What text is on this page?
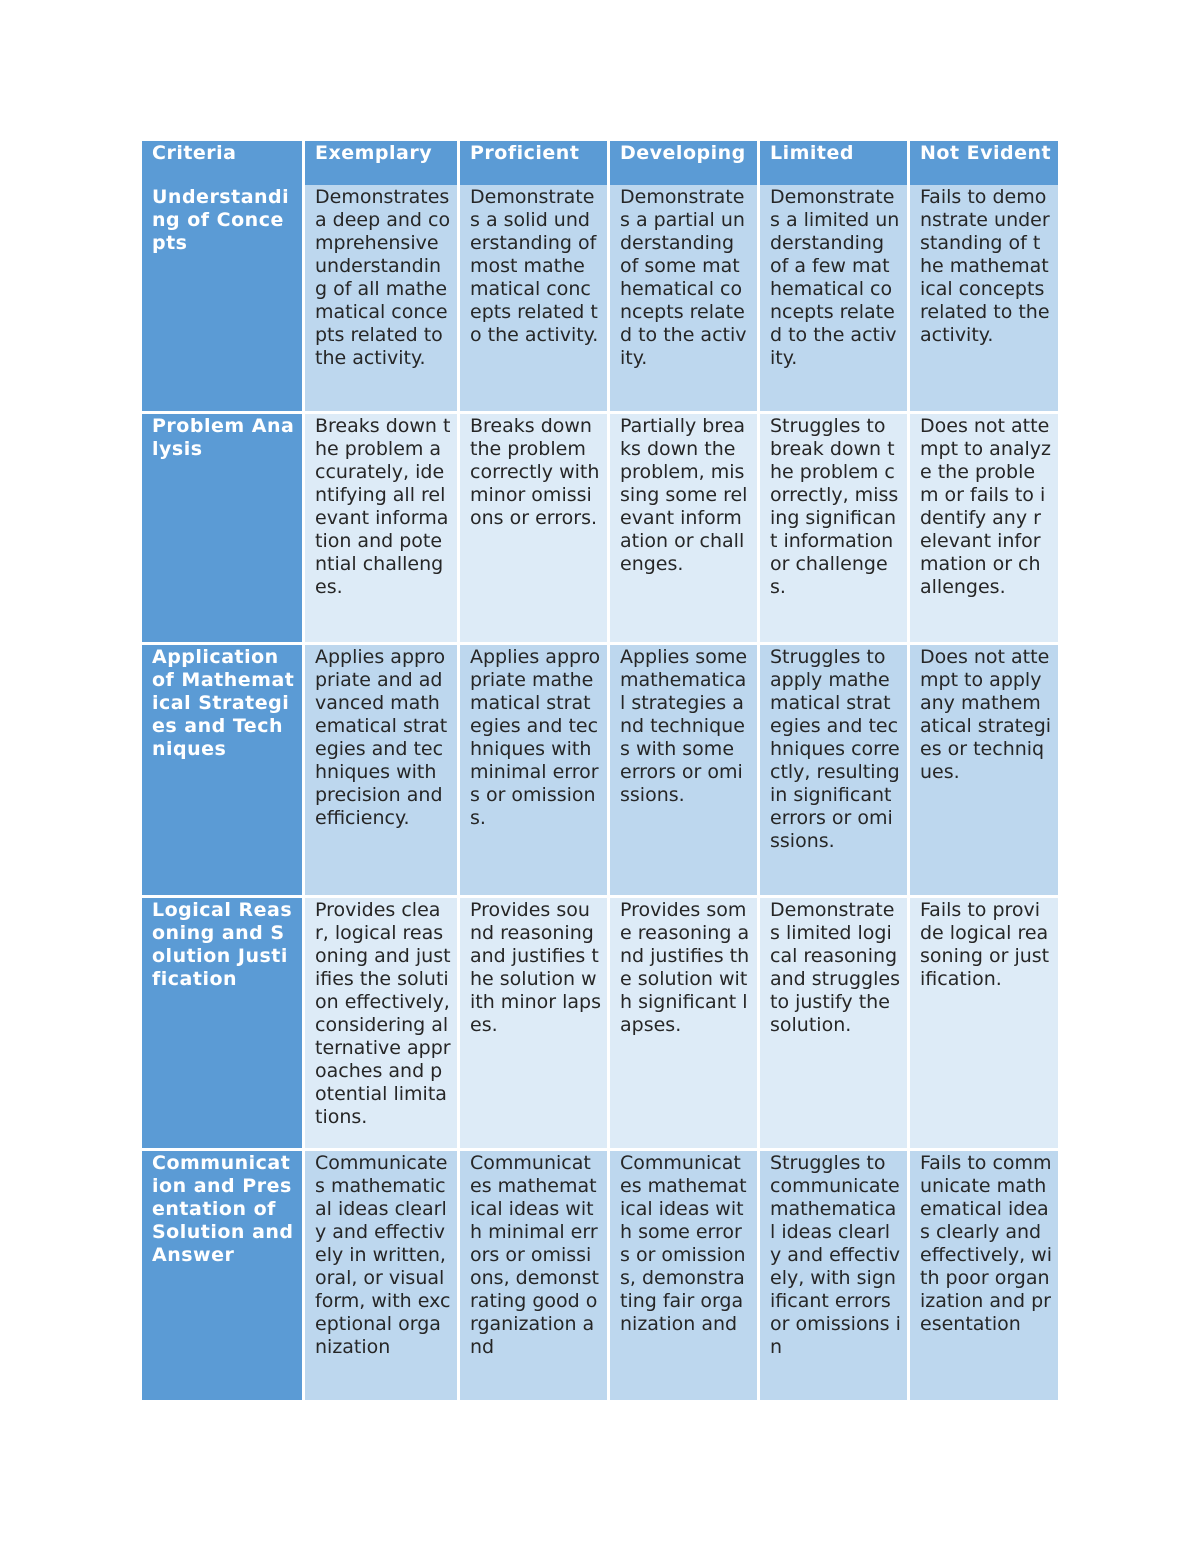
Criteria	Exemplary	Proficient	Developing	Limited	Not Evident
Understanding of Concepts	Demonstrates a deep and comprehensive understanding of all mathematical concepts related to the activity.	Demonstrates a solid understanding of most mathematical concepts related to the activity.	Demonstrates a partial understanding of some mathematical concepts related to the activity.	Demonstrates a limited understanding of a few mathematical concepts related to the activity.	Fails to demonstrate understanding of the mathematical concepts related to the activity.
Problem Analysis	Breaks down the problem accurately, identifying all relevant information and potential challenges.	Breaks down the problem correctly with minor omissions or errors.	Partially breaks down the problem, missing some relevant information or challenges.	Struggles to break down the problem correctly, missing significant information or challenges.	Does not attempt to analyze the problem or fails to identify any relevant information or challenges.
Application of Mathematical Strategies and Techniques	Applies appropriate and advanced mathematical strategies and techniques with precision and efficiency.	Applies appropriate mathematical strategies and techniques with minimal errors or omissions.	Applies some mathematical strategies and techniques with some errors or omissions.	Struggles to apply mathematical strategies and techniques correctly, resulting in significant errors or omissions.	Does not attempt to apply any mathematical strategies or techniques.
Logical Reasoning and Solution Justification	Provides clear, logical reasoning and justifies the solution effectively, considering alternative approaches and potential limitations.	Provides sound reasoning and justifies the solution with minor lapses.	Provides some reasoning and justifies the solution with significant lapses.	Demonstrates limited logical reasoning and struggles to justify the solution.	Fails to provide logical reasoning or justification.
Communication and Presentation of Solution and Answer	Communicates mathematical ideas clearly and effectively in written, oral, or visual form, with exceptional organization	Communicates mathematical ideas with minimal errors or omissions, demonstrating good organization and	Communicates mathematical ideas with some errors or omissions, demonstrating fair organization and	Struggles to communicate mathematical ideas clearly and effectively, with significant errors or omissions in	Fails to communicate mathematical ideas clearly and effectively, with poor organization and presentation
